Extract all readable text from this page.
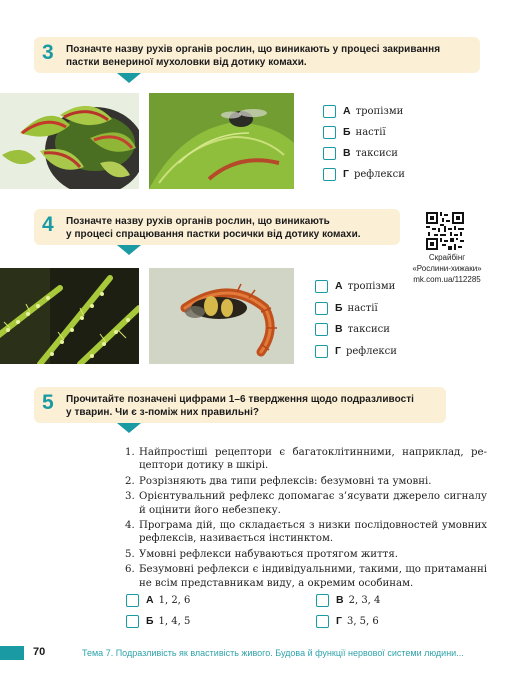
3 Позначте назву рухів органів рослин, що виникають у процесі закривання
пастки венериної мухоловки від дотику комахи.
А тропізми
Б настії
В таксиси
Г рефлекси
4 Позначте назву рухів органів рослин, що виникають
у процесі спрацювання пастки росички від дотику комахи.
Скрайбінг
«Рослини-хижаки»
mk.com.ua/112285
А тропізми
Б настії
В таксиси
Г рефлекси
5 Прочитайте позначені цифрами 1–6 твердження щодо подразливості
у тварин. Чи є з-поміж них правильні?
1. Найпростіші рецептори є багатоклітинними, наприклад, рецептори дотику в шкірі.
2. Розрізняють два типи рефлексів: безумовні та умовні.
3. Орієнтувальний рефлекс допомагає з’ясувати джерело сигналу й оцінити його небезпеку.
4. Програма дій, що складається з низки послідовностей умовних рефлексів, називається інстинктом.
5. Умовні рефлекси набуваються протягом життя.
6. Безумовні рефлекси є індивідуальними, такими, що притаманні не всім представникам виду, а окремим особинам.
А 1, 2, 6	В 2, 3, 4
Б 1, 4, 5	Г 3, 5, 6
70	Тема 7. Подразливість як властивість живого. Будова й функції нервової системи людини...
